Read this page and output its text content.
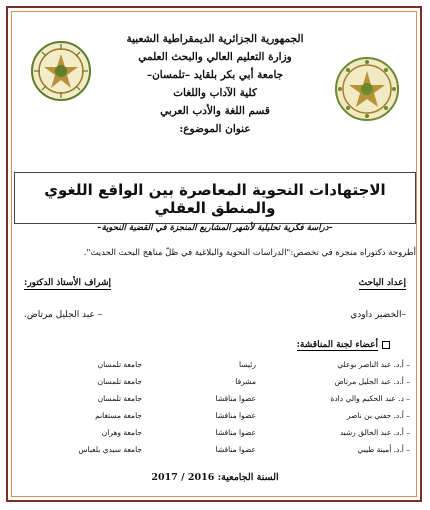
الجمهورية الجزائرية الديمقراطية الشعبية
وزارة التعليم العالي والبحث العلمي
جامعة أبي بكر بلقايد –تلمسان–
كلية الآداب واللغات
قسم اللغة والأدب العربي
عنوان الموضوع:
الاجتهادات النحوية المعاصرة بين الواقع اللغوي والمنطق العقلي
–دراسة فكرية تحليلية لأشهر المشاريع المنجزة في القضية النحوية–
أطروحة دكتوراه منجزة في تخصص:"الدراسات النحوية والبلاغية في ظلّ مناهج البحث الحديث".
إعداد الباحث
إشراف الأستاذ الدكتور:
–الخضير داودي
– عبد الجليل مرتاض.
أعضاء لجنة المناقشة:
– أ.د. عبد الناصر بوعلي	رئيسا	جامعة تلمسان
– أ.د. عبد الجليل مرتاض	مشرفا	جامعة تلمسان
– د. عبد الحكيم والي دادة	عضوا مناقشا	جامعة تلمسان
– أ.د. حفني بن ناصر	عضوا مناقشا	جامعة مستغانم
– أ.د. عبد الخالق رشيد	عضوا مناقشا	جامعة وهران
– أ.د. أمينة طيبي	عضوا مناقشا	جامعة سيدي بلعباس
السنة الجامعية: 2016 / 2017
